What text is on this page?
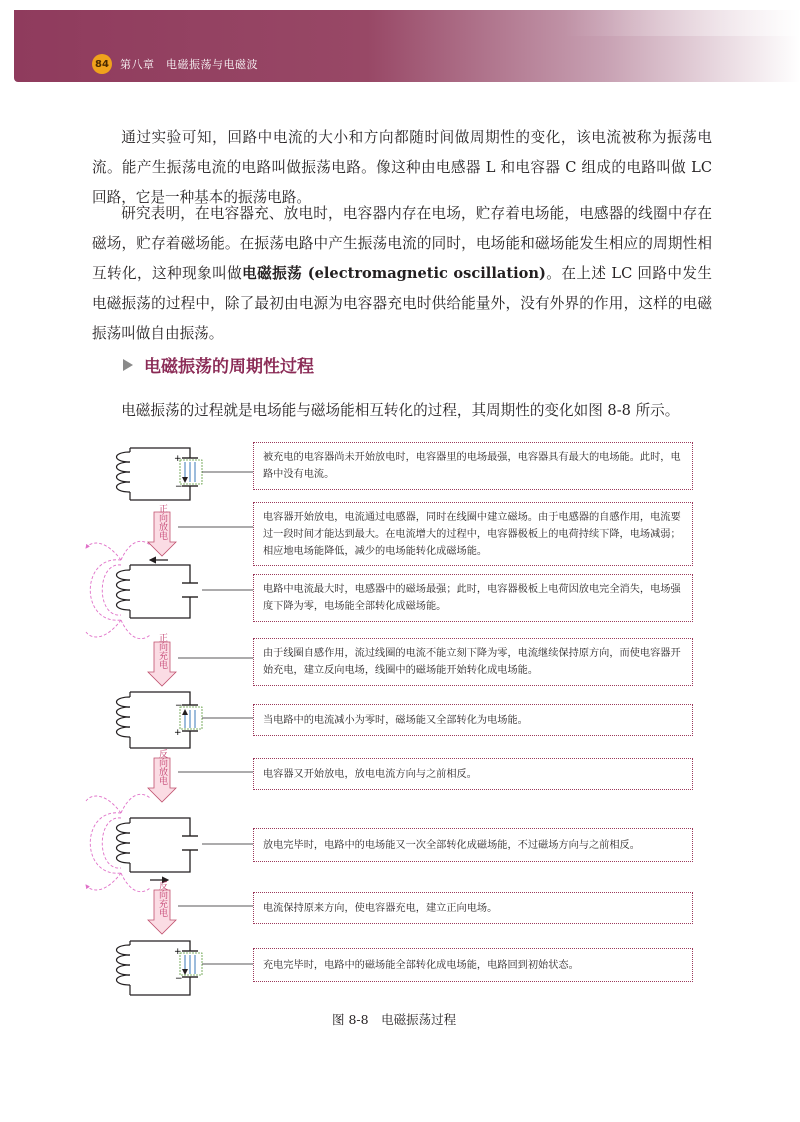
84 第八章　电磁振荡与电磁波

通过实验可知，回路中电流的大小和方向都随时间做周期性的变化，该电流被称为振荡电流。能产生振荡电流的电路叫做振荡电路。像这种由电感器 L 和电容器 C 组成的电路叫做 LC 回路，它是一种基本的振荡电路。

研究表明，在电容器充、放电时，电容器内存在电场，贮存着电场能，电感器的线圈中存在磁场，贮存着磁场能。在振荡电路中产生振荡电流的同时，电场能和磁场能发生相应的周期性相互转化，这种现象叫做电磁振荡 (electromagnetic oscillation)。在上述 LC 回路中发生电磁振荡的过程中，除了最初由电源为电容器充电时供给能量外，没有外界的作用，这样的电磁振荡叫做自由振荡。

电磁振荡的周期性过程

电磁振荡的过程就是电场能与磁场能相互转化的过程，其周期性的变化如图 8-8 所示。

+
−
正向放电
正向充电
−
+
反向放电
反向充电
+
−
被充电的电容器尚未开始放电时，电容器里的电场最强，电容器具有最大的电场能。此时，电路中没有电流。
电容器开始放电，电流通过电感器，同时在线圈中建立磁场。由于电感器的自感作用，电流要过一段时间才能达到最大。在电流增大的过程中，电容器极板上的电荷持续下降，电场减弱；相应地电场能降低，减少的电场能转化成磁场能。
电路中电流最大时，电感器中的磁场最强；此时，电容器极板上电荷因放电完全消失，电场强度下降为零，电场能全部转化成磁场能。
由于线圈自感作用，流过线圈的电流不能立刻下降为零，电流继续保持原方向，而使电容器开始充电，建立反向电场，线圈中的磁场能开始转化成电场能。
当电路中的电流减小为零时，磁场能又全部转化为电场能。
电容器又开始放电，放电电流方向与之前相反。
放电完毕时，电路中的电场能又一次全部转化成磁场能，不过磁场方向与之前相反。
电流保持原来方向，使电容器充电，建立正向电场。
充电完毕时，电路中的磁场能全部转化成电场能，电路回到初始状态。
图 8-8　电磁振荡过程
